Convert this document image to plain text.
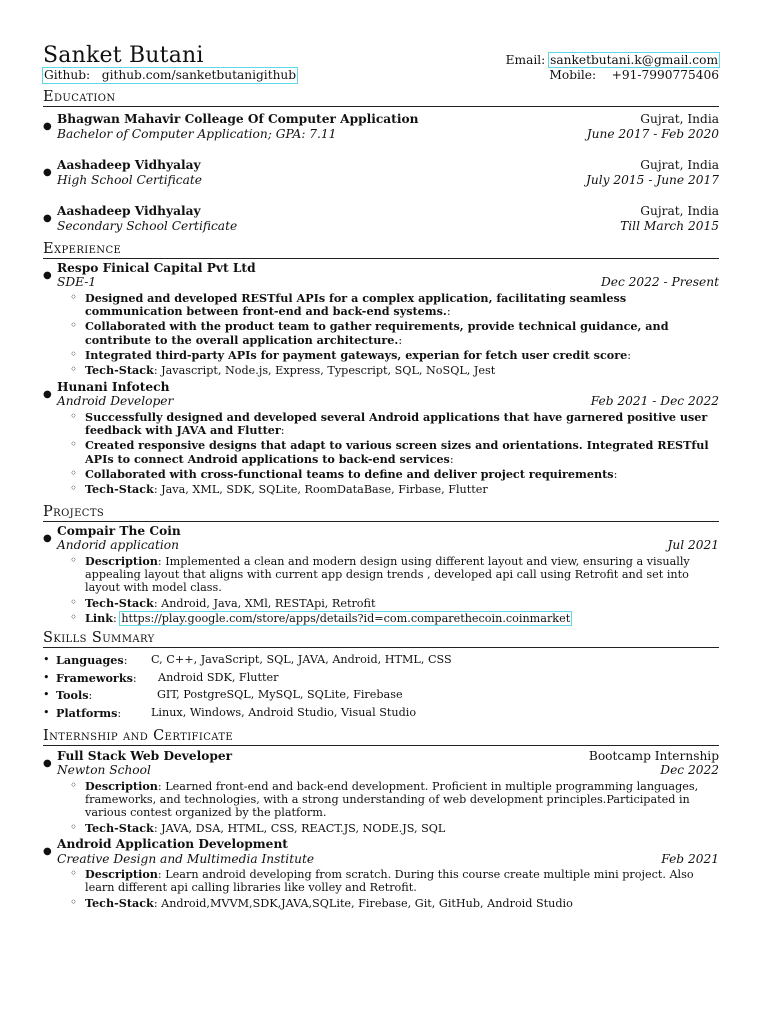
Sanket Butani	Email: sanketbutani.k@gmail.com
Github: github.com/sanketbutanigithub	Mobile: +91-7990775406
Education
●
Bhagwan Mahavir Colleage Of Computer Application	Gujrat, India
Bachelor of Computer Application; GPA: 7.11	June 2017 - Feb 2020
●
Aashadeep Vidhyalay	Gujrat, India
High School Certificate	July 2015 - June 2017
●
Aashadeep Vidhyalay	Gujrat, India
Secondary School Certificate	Till March 2015
Experience
●
Respo Finical Capital Pvt Ltd
SDE-1	Dec 2022 - Present
◦ Designed and developed RESTful APIs for a complex application, facilitating seamless communication between front-end and back-end systems.:
◦ Collaborated with the product team to gather requirements, provide technical guidance, and contribute to the overall application architecture.:
◦ Integrated third-party APIs for payment gateways, experian for fetch user credit score:
◦ Tech-Stack: Javascript, Node.js, Express, Typescript, SQL, NoSQL, Jest
●
Hunani Infotech
Android Developer	Feb 2021 - Dec 2022
◦ Successfully designed and developed several Android applications that have garnered positive user feedback with JAVA and Flutter:
◦ Created responsive designs that adapt to various screen sizes and orientations. Integrated RESTful APIs to connect Android applications to back-end services:
◦ Collaborated with cross-functional teams to define and deliver project requirements:
◦ Tech-Stack: Java, XML, SDK, SQLite, RoomDataBase, Firbase, Flutter
Projects
●
Compair The Coin
Andorid application	Jul 2021
◦ Description: Implemented a clean and modern design using different layout and view, ensuring a visually appealing layout that aligns with current app design trends , developed api call using Retrofit and set into layout with model class.
◦ Tech-Stack: Android, Java, XMl, RESTApi, Retrofit
◦ Link: https://play.google.com/store/apps/details?id=com.comparethecoin.coinmarket
Skills Summary
• Languages:	C, C++, JavaScript, SQL, JAVA, Android, HTML, CSS
• Frameworks:	Android SDK, Flutter
• Tools:	GIT, PostgreSQL, MySQL, SQLite, Firebase
• Platforms:	Linux, Windows, Android Studio, Visual Studio
Internship and Certificate
●
Full Stack Web Developer	Bootcamp Internship
Newton School	Dec 2022
◦ Description: Learned front-end and back-end development. Proficient in multiple programming languages, frameworks, and technologies, with a strong understanding of web development principles.Participated in various contest organized by the platform.
◦ Tech-Stack: JAVA, DSA, HTML, CSS, REACT.JS, NODE.JS, SQL
●
Android Application Development
Creative Design and Multimedia Institute	Feb 2021
◦ Description: Learn android developing from scratch. During this course create multiple mini project. Also learn different api calling libraries like volley and Retrofit.
◦ Tech-Stack: Android,MVVM,SDK,JAVA,SQLite, Firebase, Git, GitHub, Android Studio
